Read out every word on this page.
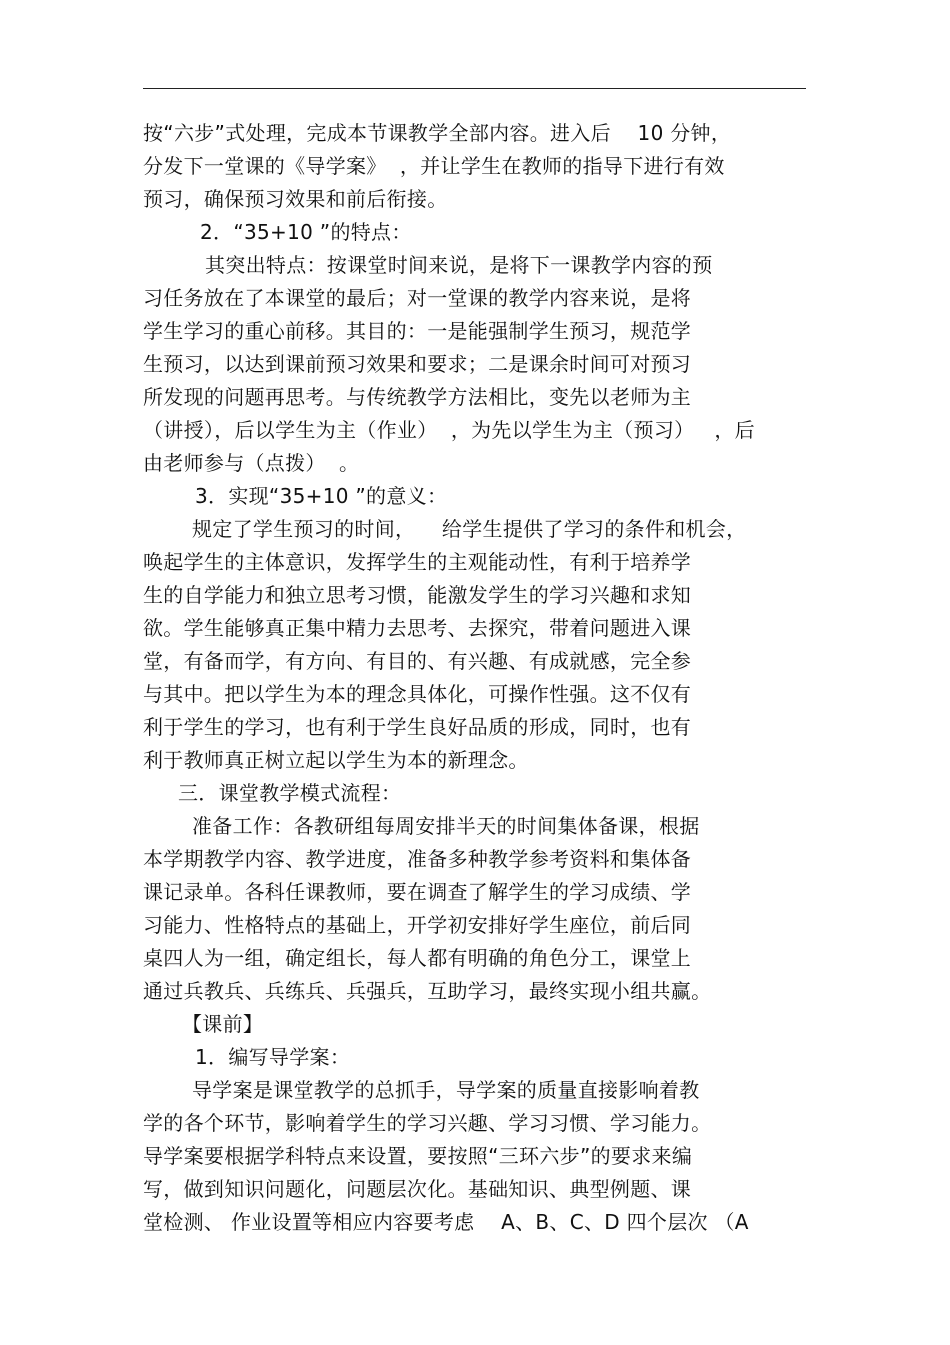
按“六步”式处理，完成本节课教学全部内容。进入后    10 分钟，
分发下一堂课的《导学案》  ，并让学生在教师的指导下进行有效
预习，确保预习效果和前后衔接。
2．“35+10 ”的特点：
其突出特点：按课堂时间来说，是将下一课教学内容的预
习任务放在了本课堂的最后；对一堂课的教学内容来说，是将
学生学习的重心前移。其目的：一是能强制学生预习，规范学
生预习，以达到课前预习效果和要求；二是课余时间可对预习
所发现的问题再思考。与传统教学方法相比，变先以老师为主
（讲授），后以学生为主（作业）  ，为先以学生为主（预习）   ，后
由老师参与（点拨）  。
3．实现“35+10 ”的意义：
规定了学生预习的时间，    给学生提供了学习的条件和机会，
唤起学生的主体意识，发挥学生的主观能动性，有利于培养学
生的自学能力和独立思考习惯，能激发学生的学习兴趣和求知
欲。学生能够真正集中精力去思考、去探究，带着问题进入课
堂，有备而学，有方向、有目的、有兴趣、有成就感，完全参
与其中。把以学生为本的理念具体化，可操作性强。这不仅有
利于学生的学习，也有利于学生良好品质的形成，同时，也有
利于教师真正树立起以学生为本的新理念。
三．课堂教学模式流程：
准备工作：各教研组每周安排半天的时间集体备课，根据
本学期教学内容、教学进度，准备多种教学参考资料和集体备
课记录单。各科任课教师，要在调查了解学生的学习成绩、学
习能力、性格特点的基础上，开学初安排好学生座位，前后同
桌四人为一组，确定组长，每人都有明确的角色分工，课堂上
通过兵教兵、兵练兵、兵强兵，互助学习，最终实现小组共赢。
【课前】
1．编写导学案：
导学案是课堂教学的总抓手，导学案的质量直接影响着教
学的各个环节，影响着学生的学习兴趣、学习习惯、学习能力。
导学案要根据学科特点来设置，要按照“三环六步”的要求来编
写，做到知识问题化，问题层次化。基础知识、典型例题、课
堂检测、 作业设置等相应内容要考虑    A、B、C、D 四个层次 （A
